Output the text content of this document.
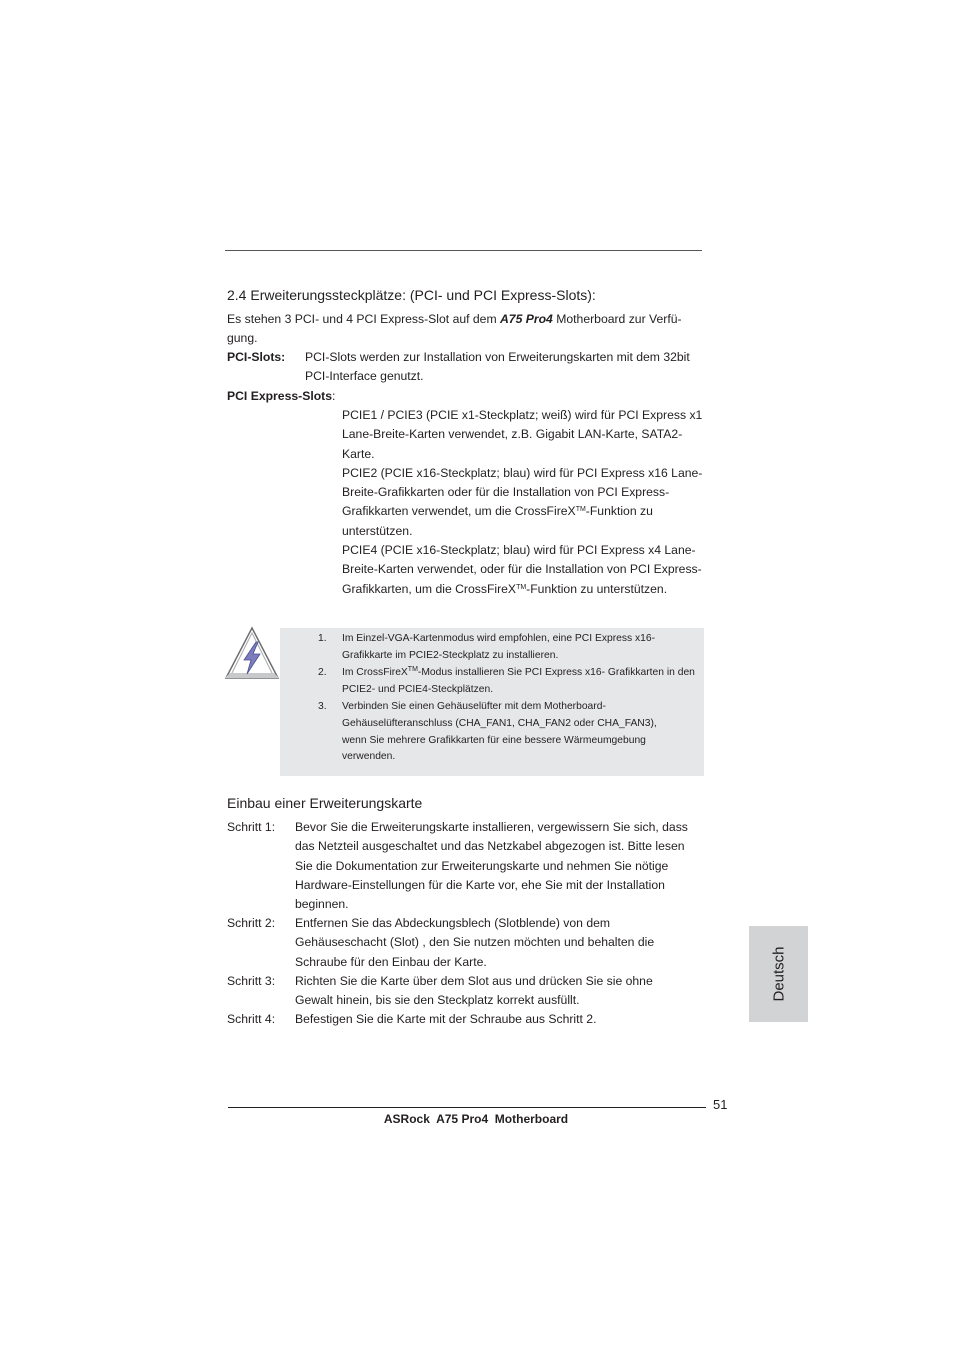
2.4 Erweiterungssteckplätze: (PCI- und PCI Express-Slots):
Es stehen 3 PCI- und 4 PCI Express-Slot auf dem A75 Pro4 Motherboard zur Verfü-gung.
PCI-Slots: PCI-Slots werden zur Installation von Erweiterungskarten mit dem 32bit PCI-Interface genutzt.
PCI Express-Slots:

PCIE1 / PCIE3 (PCIE x1-Steckplatz; weiß) wird für PCI Express x1 Lane-Breite-Karten verwendet, z.B. Gigabit LAN-Karte, SATA2-Karte.

PCIE2 (PCIE x16-Steckplatz; blau) wird für PCI Express x16 Lane-Breite-Grafikkarten oder für die Installation von PCI Express-Grafikkarten verwendet, um die CrossFireX™-Funktion zu unterstützen.

PCIE4 (PCIE x16-Steckplatz; blau) wird für PCI Express x4 Lane-Breite-Karten verwendet, oder für die Installation von PCI Express-Grafikkarten, um die CrossFireX™-Funktion zu unterstützen.

1.	Im Einzel-VGA-Kartenmodus wird empfohlen, eine PCI Express x16-Grafikkarte im PCIE2-Steckplatz zu installieren.
2.	Im CrossFireX™-Modus installieren Sie PCI Express x16- Grafikkarten in den PCIE2- und PCIE4-Steckplätzen.
3.	Verbinden Sie einen Gehäuselüfter mit dem Motherboard-Gehäuselüfteranschluss (CHA_FAN1, CHA_FAN2 oder CHA_FAN3), wenn Sie mehrere Grafikkarten für eine bessere Wärmeumgebung verwenden.
Einbau einer Erweiterungskarte
Schritt 1: Bevor Sie die Erweiterungskarte installieren, vergewissern Sie sich, dass das Netzteil ausgeschaltet und das Netzkabel abgezogen ist. Bitte lesen Sie die Dokumentation zur Erweiterungskarte und nehmen Sie nötige Hardware-Einstellungen für die Karte vor, ehe Sie mit der Installation beginnen.
Schritt 2: Entfernen Sie das Abdeckungsblech (Slotblende) von dem Gehäuseschacht (Slot) , den Sie nutzen möchten und behalten die Schraube für den Einbau der Karte.
Schritt 3: Richten Sie die Karte über dem Slot aus und drücken Sie sie ohne Gewalt hinein, bis sie den Steckplatz korrekt ausfüllt.
Schritt 4: Befestigen Sie die Karte mit der Schraube aus Schritt 2.
Deutsch
51
ASRock  A75 Pro4  Motherboard
